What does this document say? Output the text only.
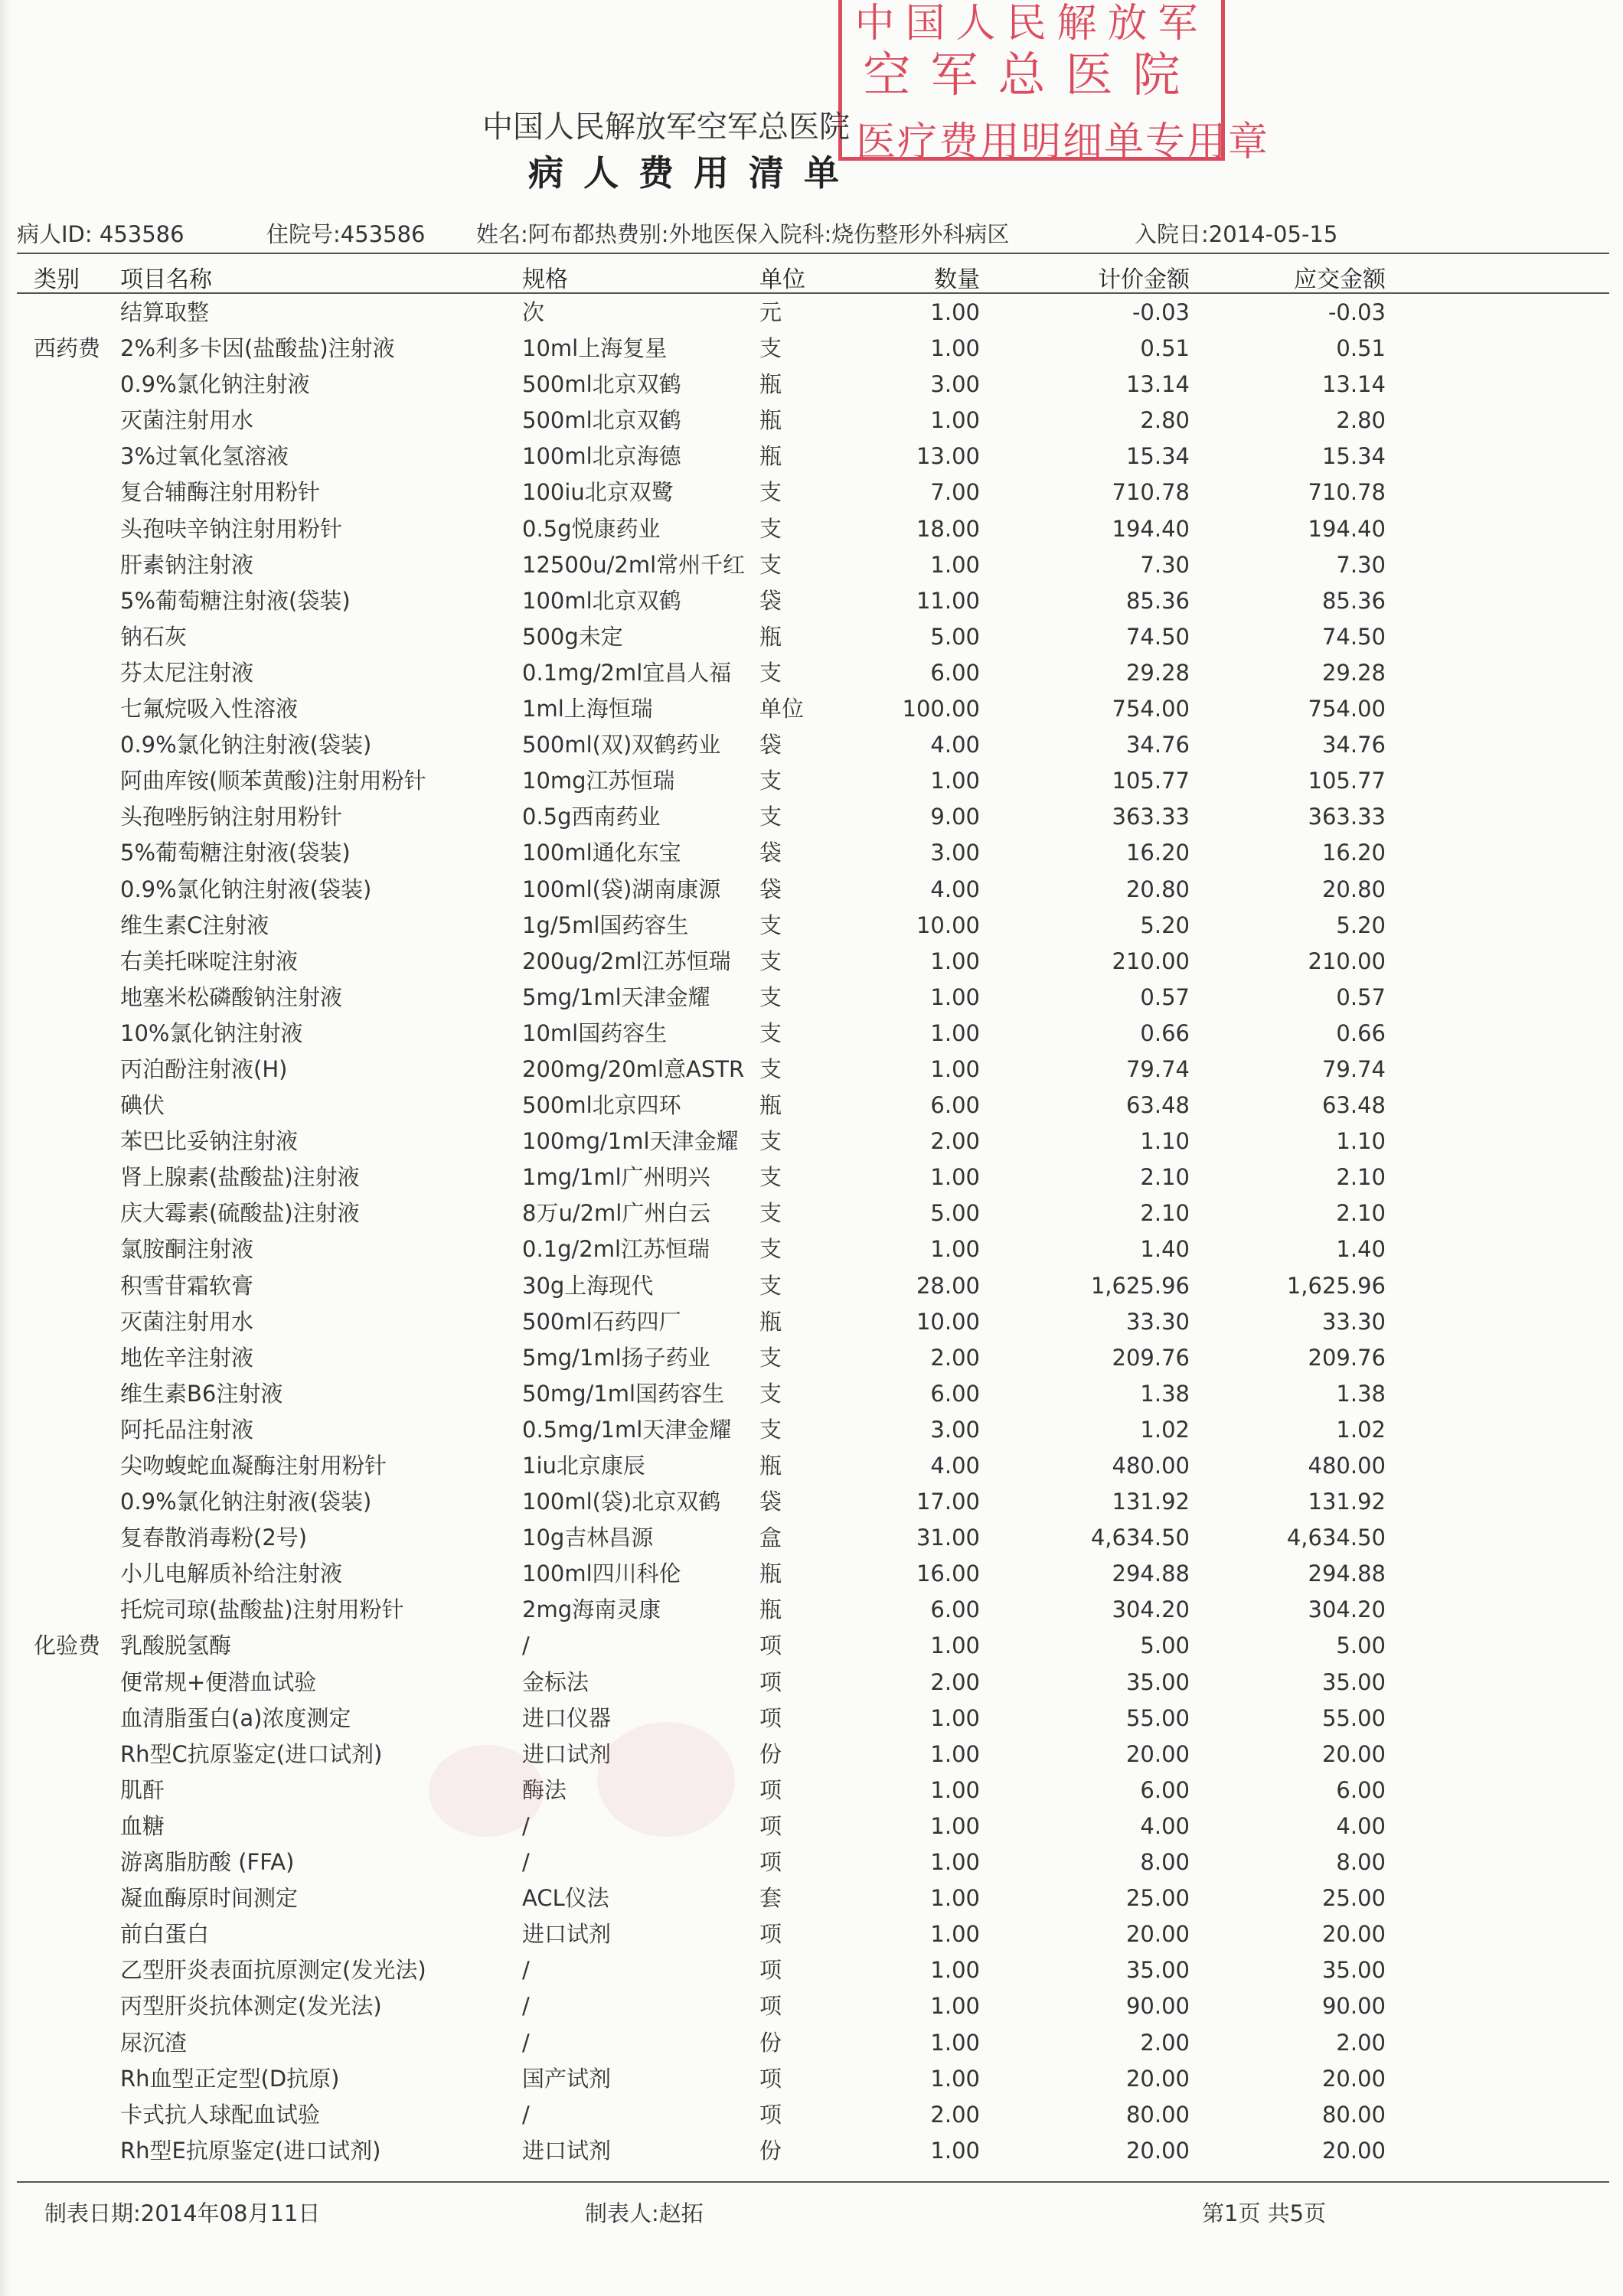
中国人民解放军
空军总医院
医疗费用明细单专用章
中国人民解放军空军总医院
病人费用清单
病人ID: 453586	住院号:453586 姓名:阿布都热费别:外地医保入院科:烧伤整形外科病区	入院日:2014-05-15
类别 项目名称	规格	单位	数量	计价金额	应交金额
结算取整	次	元	1.00	-0.03	-0.03
西药费 2%利多卡因(盐酸盐)注射液	10ml上海复星	支	1.00	0.51	0.51
0.9%氯化钠注射液	500ml北京双鹤	瓶	3.00	13.14	13.14
灭菌注射用水	500ml北京双鹤	瓶	1.00	2.80	2.80
3%过氧化氢溶液	100ml北京海德	瓶	13.00	15.34	15.34
复合辅酶注射用粉针	100iu北京双鹭	支	7.00	710.78	710.78
头孢呋辛钠注射用粉针	0.5g悦康药业	支	18.00	194.40	194.40
肝素钠注射液	12500u/2ml常州千红 支	1.00	7.30	7.30
5%葡萄糖注射液(袋装)	100ml北京双鹤	袋	11.00	85.36	85.36
钠石灰	500g未定	瓶	5.00	74.50	74.50
芬太尼注射液	0.1mg/2ml宜昌人福 支	6.00	29.28	29.28
七氟烷吸入性溶液	1ml上海恒瑞	单位	100.00	754.00	754.00
0.9%氯化钠注射液(袋装)	500ml(双)双鹤药业 袋	4.00	34.76	34.76
阿曲库铵(顺苯黄酸)注射用粉针	10mg江苏恒瑞	支	1.00	105.77	105.77
头孢唑肟钠注射用粉针	0.5g西南药业	支	9.00	363.33	363.33
5%葡萄糖注射液(袋装)	100ml通化东宝	袋	3.00	16.20	16.20
0.9%氯化钠注射液(袋装)	100ml(袋)湖南康源 袋	4.00	20.80	20.80
维生素C注射液	1g/5ml国药容生	支	10.00	5.20	5.20
右美托咪啶注射液	200ug/2ml江苏恒瑞 支	1.00	210.00	210.00
地塞米松磷酸钠注射液	5mg/1ml天津金耀 支	1.00	0.57	0.57
10%氯化钠注射液	10ml国药容生	支	1.00	0.66	0.66
丙泊酚注射液(H)	200mg/20ml意ASTR 支	1.00	79.74	79.74
碘伏	500ml北京四环	瓶	6.00	63.48	63.48
苯巴比妥钠注射液	100mg/1ml天津金耀 支	2.00	1.10	1.10
肾上腺素(盐酸盐)注射液	1mg/1ml广州明兴 支	1.00	2.10	2.10
庆大霉素(硫酸盐)注射液	8万u/2ml广州白云 支	5.00	2.10	2.10
氯胺酮注射液	0.1g/2ml江苏恒瑞 支	1.00	1.40	1.40
积雪苷霜软膏	30g上海现代	支	28.00	1,625.96	1,625.96
灭菌注射用水	500ml石药四厂	瓶	10.00	33.30	33.30
地佐辛注射液	5mg/1ml扬子药业 支	2.00	209.76	209.76
维生素B6注射液	50mg/1ml国药容生 支	6.00	1.38	1.38
阿托品注射液	0.5mg/1ml天津金耀 支	3.00	1.02	1.02
尖吻蝮蛇血凝酶注射用粉针	1iu北京康辰	瓶	4.00	480.00	480.00
0.9%氯化钠注射液(袋装)	100ml(袋)北京双鹤 袋	17.00	131.92	131.92
复春散消毒粉(2号)	10g吉林昌源	盒	31.00	4,634.50	4,634.50
小儿电解质补给注射液	100ml四川科伦	瓶	16.00	294.88	294.88
托烷司琼(盐酸盐)注射用粉针	2mg海南灵康	瓶	6.00	304.20	304.20
化验费 乳酸脱氢酶	/	项	1.00	5.00	5.00
便常规+便潜血试验	金标法	项	2.00	35.00	35.00
血清脂蛋白(a)浓度测定	进口仪器	项	1.00	55.00	55.00
Rh型C抗原鉴定(进口试剂)	进口试剂	份	1.00	20.00	20.00
肌酐	酶法	项	1.00	6.00	6.00
血糖	/	项	1.00	4.00	4.00
游离脂肪酸 (FFA)	/	项	1.00	8.00	8.00
凝血酶原时间测定	ACL仪法	套	1.00	25.00	25.00
前白蛋白	进口试剂	项	1.00	20.00	20.00
乙型肝炎表面抗原测定(发光法)	/	项	1.00	35.00	35.00
丙型肝炎抗体测定(发光法)	/	项	1.00	90.00	90.00
尿沉渣	/	份	1.00	2.00	2.00
Rh血型正定型(D抗原)	国产试剂	项	1.00	20.00	20.00
卡式抗人球配血试验	/	项	2.00	80.00	80.00
Rh型E抗原鉴定(进口试剂)	进口试剂	份	1.00	20.00	20.00
制表日期:2014年08月11日	制表人:赵拓	第1页 共5页
